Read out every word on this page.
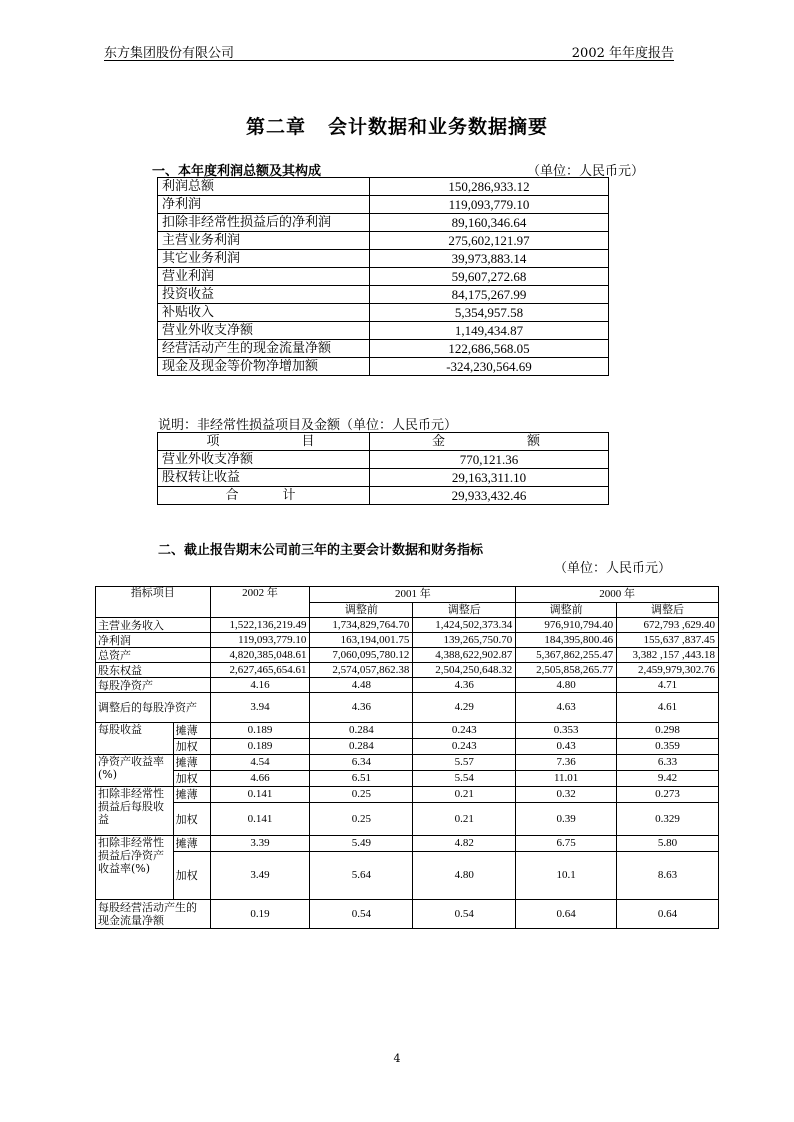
东方集团股份有限公司	2002 年年度报告
第二章 会计数据和业务数据摘要
一、本年度利润总额及其构成	（单位：人民币元）
利润总额	150,286,933.12
净利润	119,093,779.10
扣除非经常性损益后的净利润	89,160,346.64
主营业务利润	275,602,121.97
其它业务利润	39,973,883.14
营业利润	59,607,272.68
投资收益	84,175,267.99
补贴收入	5,354,957.58
营业外收支净额	1,149,434.87
经营活动产生的现金流量净额	122,686,568.05
现金及现金等价物净增加额	-324,230,564.69
说明：非经常性损益项目及金额（单位：人民币元）
项　　　　目	金　　　　额
营业外收支净额	770,121.36
股权转让收益	29,163,311.10
合　　计	29,933,432.46
二、截止报告期末公司前三年的主要会计数据和财务指标
（单位：人民币元）
指标项目		2002 年	2001 年		2000 年	
			调整前	调整后	调整前	调整后
主营业务收入		1,522,136,219.49	1,734,829,764.70	1,424,502,373.34	976,910,794.40	672,793 ,629.40
净利润		119,093,779.10	163,194,001.75	139,265,750.70	184,395,800.46	155,637 ,837.45
总资产		4,820,385,048.61	7,060,095,780.12	4,388,622,902.87	5,367,862,255.47	3,382 ,157 ,443.18
股东权益		2,627,465,654.61	2,574,057,862.38	2,504,250,648.32	2,505,858,265.77	2,459,979,302.76
每股净资产		4.16	4.48	4.36	4.80	4.71
调整后的每股净资产		3.94	4.36	4.29	4.63	4.61
每股收益	摊薄	0.189	0.284	0.243	0.353	0.298
	加权	0.189	0.284	0.243	0.43	0.359
净资产收益率(%)	摊薄	4.54	6.34	5.57	7.36	6.33
	加权	4.66	6.51	5.54	11.01	9.42
扣除非经常性损益后每股收益	摊薄	0.141	0.25	0.21	0.32	0.273
	加权	0.141	0.25	0.21	0.39	0.329
扣除非经常性损益后净资产收益率(%)	摊薄	3.39	5.49	4.82	6.75	5.80
	加权	3.49	5.64	4.80	10.1	8.63
每股经营活动产生的现金流量净额		0.19	0.54	0.54	0.64	0.64
4
